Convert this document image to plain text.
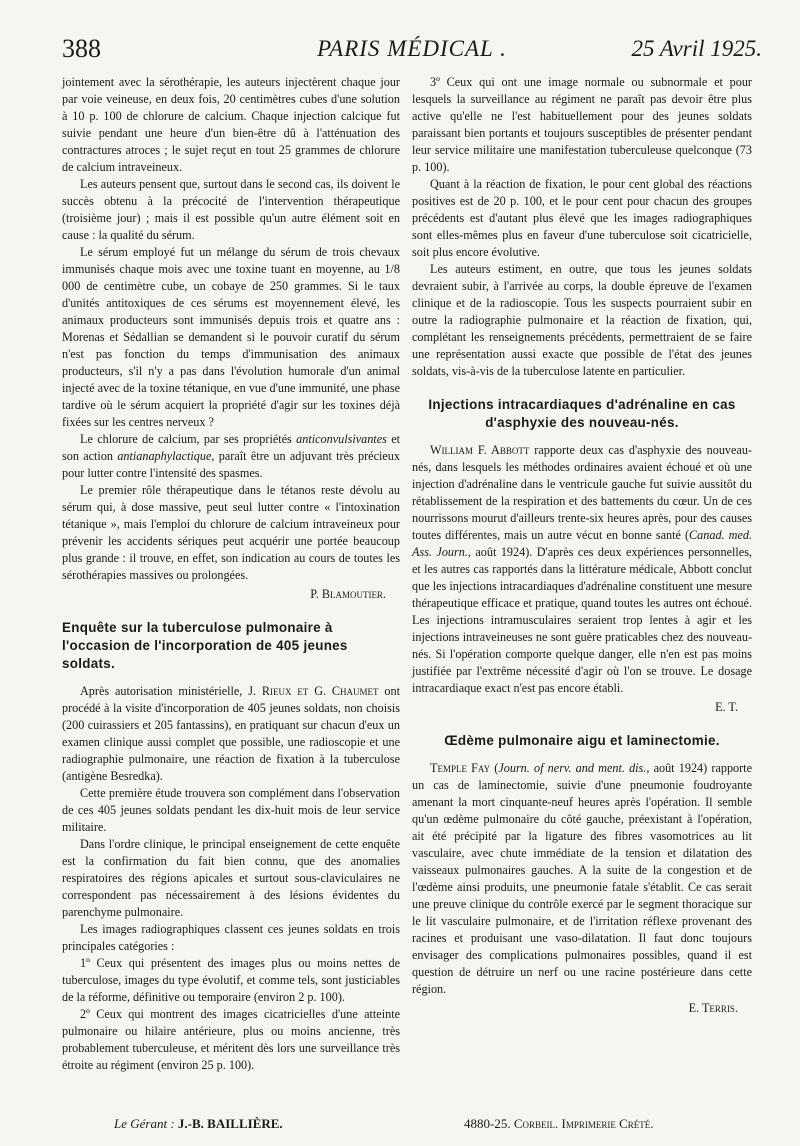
388	PARIS MÉDICAL .	25 Avril 1925.

jointement avec la sérothérapie, les auteurs injectèrent chaque jour par voie veineuse, en deux fois, 20 centimètres cubes d'une solution à 10 p. 100 de chlorure de calcium. Chaque injection calcique fut suivie pendant une heure d'un bien-être dû à l'atténuation des contractures atroces ; le sujet reçut en tout 25 grammes de chlorure de calcium intraveineux.

Les auteurs pensent que, surtout dans le second cas, ils doivent le succès obtenu à la précocité de l'intervention thérapeutique (troisième jour) ; mais il est possible qu'un autre élément soit en cause : la qualité du sérum.

Le sérum employé fut un mélange du sérum de trois chevaux immunisés chaque mois avec une toxine tuant en moyenne, au 1/8 000 de centimètre cube, un cobaye de 250 grammes. Si le taux d'unités antitoxiques de ces sérums est moyennement élevé, les animaux producteurs sont immunisés depuis trois et quatre ans : Morenas et Sédallian se demandent si le pouvoir curatif du sérum n'est pas fonction du temps d'immunisation des animaux producteurs, s'il n'y a pas dans l'évolution humorale d'un animal injecté avec de la toxine tétanique, en vue d'une immunité, une phase tardive où le sérum acquiert la propriété d'agir sur les toxines déjà fixées sur les centres nerveux ?

Le chlorure de calcium, par ses propriétés anticonvulsivantes et son action antianaphylactique, paraît être un adjuvant très précieux pour lutter contre l'intensité des spasmes.

Le premier rôle thérapeutique dans le tétanos reste dévolu au sérum qui, à dose massive, peut seul lutter contre « l'intoxination tétanique », mais l'emploi du chlorure de calcium intraveineux pour prévenir les accidents sériques peut acquérir une portée beaucoup plus grande : il trouve, en effet, son indication au cours de toutes les sérothérapies massives ou prolongées.

P. Blamoutier.
Enquête sur la tuberculose pulmonaire à l'occasion de l'incorporation de 405 jeunes soldats.

Après autorisation ministérielle, J. Rieux et G. Chaumet ont procédé à la visite d'incorporation de 405 jeunes soldats, non choisis (200 cuirassiers et 205 fantassins), en pratiquant sur chacun d'eux un examen clinique aussi complet que possible, une radioscopie et une radiographie pulmonaire, une réaction de fixation à la tuberculose (antigène Besredka).

Cette première étude trouvera son complément dans l'observation de ces 405 jeunes soldats pendant les dix-huit mois de leur service militaire.

Dans l'ordre clinique, le principal enseignement de cette enquête est la confirmation du fait bien connu, que des anomalies respiratoires des régions apicales et surtout sous-claviculaires ne correspondent pas nécessairement à des lésions évidentes du parenchyme pulmonaire.

Les images radiographiques classent ces jeunes soldats en trois principales catégories :

1º Ceux qui présentent des images plus ou moins nettes de tuberculose, images du type évolutif, et comme tels, sont justiciables de la réforme, définitive ou temporaire (environ 2 p. 100).

2º Ceux qui montrent des images cicatricielles d'une atteinte pulmonaire ou hilaire antérieure, plus ou moins ancienne, très probablement tuberculeuse, et méritent dès lors une surveillance très étroite au régiment (environ 25 p. 100).

3º Ceux qui ont une image normale ou subnormale et pour lesquels la surveillance au régiment ne paraît pas devoir être plus active qu'elle ne l'est habituellement pour des jeunes soldats paraissant bien portants et toujours susceptibles de présenter pendant leur service militaire une manifestation tuberculeuse quelconque (73 p. 100).

Quant à la réaction de fixation, le pour cent global des réactions positives est de 20 p. 100, et le pour cent pour chacun des groupes précédents est d'autant plus élevé que les images radiographiques sont elles-mêmes plus en faveur d'une tuberculose soit cicatricielle, soit plus encore évolutive.

Les auteurs estiment, en outre, que tous les jeunes soldats devraient subir, à l'arrivée au corps, la double épreuve de l'examen clinique et de la radioscopie. Tous les suspects pourraient subir en outre la radiographie pulmonaire et la réaction de fixation, qui, complétant les renseignements précédents, permettraient de se faire une représentation aussi exacte que possible de l'état des jeunes soldats, vis-à-vis de la tuberculose latente en particulier.

Injections intracardiaques d'adrénaline en cas d'asphyxie des nouveau-nés.

William F. Abbott rapporte deux cas d'asphyxie des nouveau-nés, dans lesquels les méthodes ordinaires avaient échoué et où une injection d'adrénaline dans le ventricule gauche fut suivie aussitôt du rétablissement de la respiration et des battements du cœur. Un de ces nourrissons mourut d'ailleurs trente-six heures après, pour des causes toutes différentes, mais un autre vécut en bonne santé (Canad. med. Ass. Journ., août 1924). D'après ces deux expériences personnelles, et les autres cas rapportés dans la littérature médicale, Abbott conclut que les injections intracardiaques d'adrénaline constituent une mesure thérapeutique efficace et pratique, quand toutes les autres ont échoué. Les injections intramusculaires seraient trop lentes à agir et les injections intraveineuses ne sont guère praticables chez des nouveau-nés. Si l'opération comporte quelque danger, elle n'en est pas moins justifiée par l'extrême nécessité d'agir où l'on se trouve. Le dosage intracardiaque exact n'est pas encore établi.

E. T.
Œdème pulmonaire aigu et laminectomie.

Temple Fay (Journ. of nerv. and ment. dis., août 1924) rapporte un cas de laminectomie, suivie d'une pneumonie foudroyante amenant la mort cinquante-neuf heures après l'opération. Il semble qu'un œdème pulmonaire du côté gauche, préexistant à l'opération, ait été précipité par la ligature des fibres vasomotrices au lit vasculaire, avec chute immédiate de la tension et dilatation des vaisseaux pulmonaires gauches. A la suite de la congestion et de l'œdème ainsi produits, une pneumonie fatale s'établit. Ce cas serait une preuve clinique du contrôle exercé par le segment thoracique sur le lit vasculaire pulmonaire, et de l'irritation réflexe provenant des racines et produisant une vaso-dilatation. Il faut donc toujours envisager des complications pulmonaires possibles, quand il est question de détruire un nerf ou une racine postérieure dans cette région.

E. Terris.
Le Gérant : J.-B. BAILLIÈRE.	4880-25. Corbeil. Imprimerie Crété.
